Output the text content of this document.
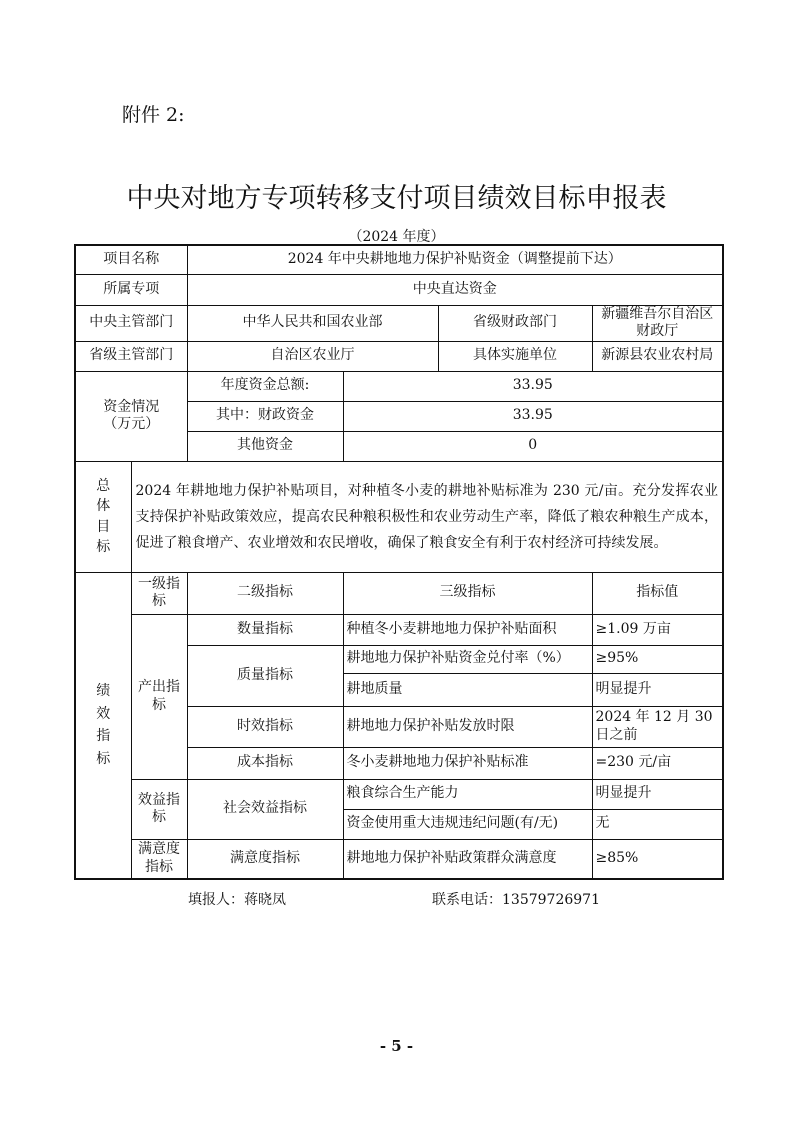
附件 2:
中央对地方专项转移支付项目绩效目标申报表
（2024 年度）
项目名称		2024 年中央耕地地力保护补贴资金（调整提前下达）			
所属专项		中央直达资金			
中央主管部门		中华人民共和国农业部		省级财政部门	新疆维吾尔自治区财政厅
省级主管部门		自治区农业厅		具体实施单位	新源县农业农村局
资金情况（万元）		年度资金总额:	33.95		
		其中：财政资金	33.95		
		其他资金	0		
总体目标	2024 年耕地地力保护补贴项目，对种植冬小麦的耕地补贴标准为 230 元/亩。充分发挥农业支持保护补贴政策效应，提高农民种粮积极性和农业劳动生产率，降低了粮农种粮生产成本，促进了粮食增产、农业增效和农民增收，确保了粮食安全有利于农村经济可持续发展。				
绩效指标	一级指标	二级指标	三级指标		指标值
	产出指标	数量指标	种植冬小麦耕地地力保护补贴面积		≥1.09 万亩
		质量指标	耕地地力保护补贴资金兑付率（%）		≥95%
			耕地质量		明显提升
		时效指标	耕地地力保护补贴发放时限		2024 年 12 月 30 日之前
		成本指标	冬小麦耕地地力保护补贴标准		=230 元/亩
	效益指标	社会效益指标	粮食综合生产能力		明显提升
			资金使用重大违规违纪问题(有/无)		无
	满意度指标	满意度指标	耕地地力保护补贴政策群众满意度		≥85%
填报人：蒋晓凤	联系电话：13579726971
- 5 -
